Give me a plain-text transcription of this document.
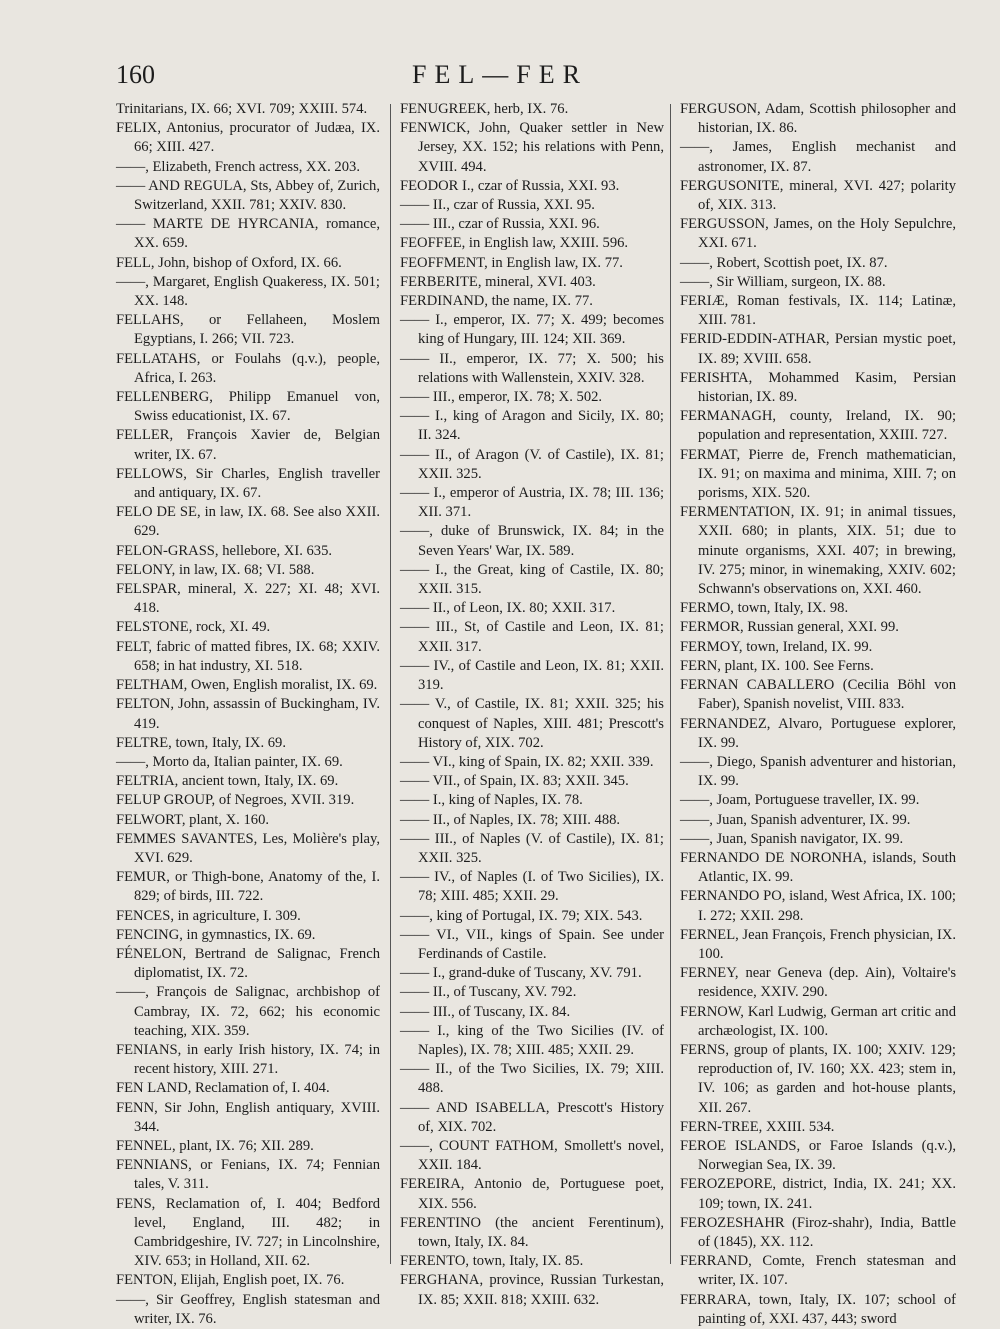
160	FEL—FER

Trinitarians, IX. 66; XVI. 709; XXIII. 574.

FELIX, Antonius, procurator of Judæa, IX. 66; XIII. 427.

——, Elizabeth, French actress, XX. 203.

—— AND REGULA, Sts, Abbey of, Zurich, Switzerland, XXII. 781; XXIV. 830.

—— MARTE DE HYRCANIA, romance, XX. 659.

FELL, John, bishop of Oxford, IX. 66.

——, Margaret, English Quakeress, IX. 501; XX. 148.

FELLAHS, or Fellaheen, Moslem Egyptians, I. 266; VII. 723.

FELLATAHS, or Foulahs (q.v.), people, Africa, I. 263.

FELLENBERG, Philipp Emanuel von, Swiss educationist, IX. 67.

FELLER, François Xavier de, Belgian writer, IX. 67.

FELLOWS, Sir Charles, English traveller and antiquary, IX. 67.

FELO DE SE, in law, IX. 68. See also XXII. 629.

FELON-GRASS, hellebore, XI. 635.

FELONY, in law, IX. 68; VI. 588.

FELSPAR, mineral, X. 227; XI. 48; XVI. 418.

FELSTONE, rock, XI. 49.

FELT, fabric of matted fibres, IX. 68; XXIV. 658; in hat industry, XI. 518.

FELTHAM, Owen, English moralist, IX. 69.

FELTON, John, assassin of Buckingham, IV. 419.

FELTRE, town, Italy, IX. 69.

——, Morto da, Italian painter, IX. 69.

FELTRIA, ancient town, Italy, IX. 69.

FELUP GROUP, of Negroes, XVII. 319.

FELWORT, plant, X. 160.

FEMMES SAVANTES, Les, Molière's play, XVI. 629.

FEMUR, or Thigh-bone, Anatomy of the, I. 829; of birds, III. 722.

FENCES, in agriculture, I. 309.

FENCING, in gymnastics, IX. 69.

FÉNELON, Bertrand de Salignac, French diplomatist, IX. 72.

——, François de Salignac, archbishop of Cambray, IX. 72, 662; his economic teaching, XIX. 359.

FENIANS, in early Irish history, IX. 74; in recent history, XIII. 271.

FEN LAND, Reclamation of, I. 404.

FENN, Sir John, English antiquary, XVIII. 344.

FENNEL, plant, IX. 76; XII. 289.

FENNIANS, or Fenians, IX. 74; Fennian tales, V. 311.

FENS, Reclamation of, I. 404; Bedford level, England, III. 482; in Cambridgeshire, IV. 727; in Lincolnshire, XIV. 653; in Holland, XII. 62.

FENTON, Elijah, English poet, IX. 76.

——, Sir Geoffrey, English statesman and writer, IX. 76.

FENUGREEK, herb, IX. 76.

FENWICK, John, Quaker settler in New Jersey, XX. 152; his relations with Penn, XVIII. 494.

FEODOR I., czar of Russia, XXI. 93.

—— II., czar of Russia, XXI. 95.

—— III., czar of Russia, XXI. 96.

FEOFFEE, in English law, XXIII. 596.

FEOFFMENT, in English law, IX. 77.

FERBERITE, mineral, XVI. 403.

FERDINAND, the name, IX. 77.

—— I., emperor, IX. 77; X. 499; becomes king of Hungary, III. 124; XII. 369.

—— II., emperor, IX. 77; X. 500; his relations with Wallenstein, XXIV. 328.

—— III., emperor, IX. 78; X. 502.

—— I., king of Aragon and Sicily, IX. 80; II. 324.

—— II., of Aragon (V. of Castile), IX. 81; XXII. 325.

—— I., emperor of Austria, IX. 78; III. 136; XII. 371.

——, duke of Brunswick, IX. 84; in the Seven Years' War, IX. 589.

—— I., the Great, king of Castile, IX. 80; XXII. 315.

—— II., of Leon, IX. 80; XXII. 317.

—— III., St, of Castile and Leon, IX. 81; XXII. 317.

—— IV., of Castile and Leon, IX. 81; XXII. 319.

—— V., of Castile, IX. 81; XXII. 325; his conquest of Naples, XIII. 481; Prescott's History of, XIX. 702.

—— VI., king of Spain, IX. 82; XXII. 339.

—— VII., of Spain, IX. 83; XXII. 345.

—— I., king of Naples, IX. 78.

—— II., of Naples, IX. 78; XIII. 488.

—— III., of Naples (V. of Castile), IX. 81; XXII. 325.

—— IV., of Naples (I. of Two Sicilies), IX. 78; XIII. 485; XXII. 29.

——, king of Portugal, IX. 79; XIX. 543.

—— VI., VII., kings of Spain. See under Ferdinands of Castile.

—— I., grand-duke of Tuscany, XV. 791.

—— II., of Tuscany, XV. 792.

—— III., of Tuscany, IX. 84.

—— I., king of the Two Sicilies (IV. of Naples), IX. 78; XIII. 485; XXII. 29.

—— II., of the Two Sicilies, IX. 79; XIII. 488.

—— AND ISABELLA, Prescott's History of, XIX. 702.

——, COUNT FATHOM, Smollett's novel, XXII. 184.

FEREIRA, Antonio de, Portuguese poet, XIX. 556.

FERENTINO (the ancient Ferentinum), town, Italy, IX. 84.

FERENTO, town, Italy, IX. 85.

FERGHANA, province, Russian Turkestan, IX. 85; XXII. 818; XXIII. 632.

FERGUSON, Adam, Scottish philosopher and historian, IX. 86.

——, James, English mechanist and astronomer, IX. 87.

FERGUSONITE, mineral, XVI. 427; polarity of, XIX. 313.

FERGUSSON, James, on the Holy Sepulchre, XXI. 671.

——, Robert, Scottish poet, IX. 87.

——, Sir William, surgeon, IX. 88.

FERIÆ, Roman festivals, IX. 114; Latinæ, XIII. 781.

FERID-EDDIN-ATHAR, Persian mystic poet, IX. 89; XVIII. 658.

FERISHTA, Mohammed Kasim, Persian historian, IX. 89.

FERMANAGH, county, Ireland, IX. 90; population and representation, XXIII. 727.

FERMAT, Pierre de, French mathematician, IX. 91; on maxima and minima, XIII. 7; on porisms, XIX. 520.

FERMENTATION, IX. 91; in animal tissues, XXII. 680; in plants, XIX. 51; due to minute organisms, XXI. 407; in brewing, IV. 275; minor, in winemaking, XXIV. 602; Schwann's observations on, XXI. 460.

FERMO, town, Italy, IX. 98.

FERMOR, Russian general, XXI. 99.

FERMOY, town, Ireland, IX. 99.

FERN, plant, IX. 100. See Ferns.

FERNAN CABALLERO (Cecilia Böhl von Faber), Spanish novelist, VIII. 833.

FERNANDEZ, Alvaro, Portuguese explorer, IX. 99.

——, Diego, Spanish adventurer and historian, IX. 99.

——, Joam, Portuguese traveller, IX. 99.

——, Juan, Spanish adventurer, IX. 99.

——, Juan, Spanish navigator, IX. 99.

FERNANDO DE NORONHA, islands, South Atlantic, IX. 99.

FERNANDO PO, island, West Africa, IX. 100; I. 272; XXII. 298.

FERNEL, Jean François, French physician, IX. 100.

FERNEY, near Geneva (dep. Ain), Voltaire's residence, XXIV. 290.

FERNOW, Karl Ludwig, German art critic and archæologist, IX. 100.

FERNS, group of plants, IX. 100; XXIV. 129; reproduction of, IV. 160; XX. 423; stem in, IV. 106; as garden and hot-house plants, XII. 267.

FERN-TREE, XXIII. 534.

FEROE ISLANDS, or Faroe Islands (q.v.), Norwegian Sea, IX. 39.

FEROZEPORE, district, India, IX. 241; XX. 109; town, IX. 241.

FEROZESHAHR (Firoz-shahr), India, Battle of (1845), XX. 112.

FERRAND, Comte, French statesman and writer, IX. 107.

FERRARA, town, Italy, IX. 107; school of painting of, XXI. 437, 443; sword
